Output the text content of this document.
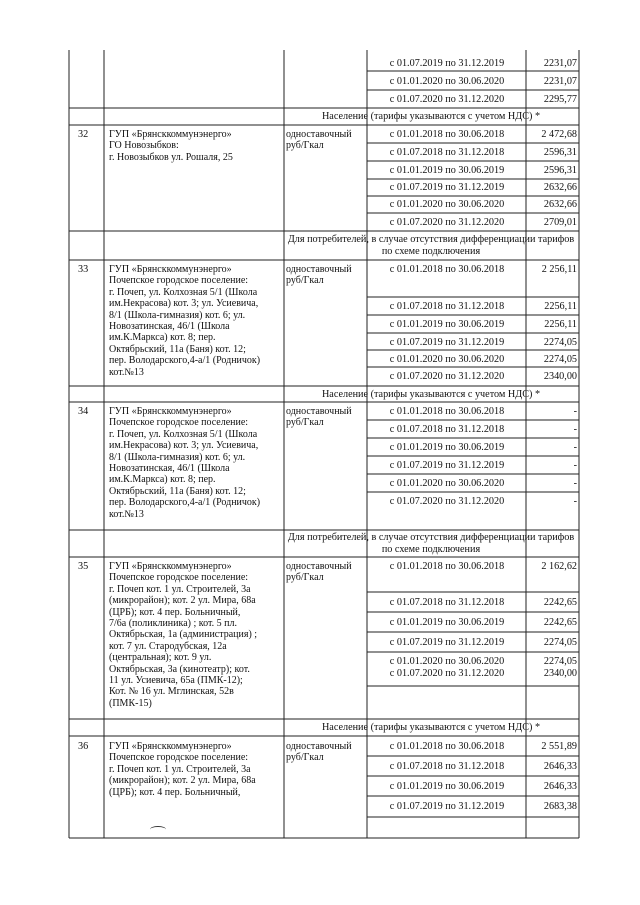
с 01.07.2019 по 31.12.2019	2231,07
с 01.01.2020 по 30.06.2020	2231,07
с 01.07.2020 по 31.12.2020	2295,77
Население (тарифы указываются с учетом НДС) *
32 ГУП «Брянсккоммунэнерго»
ГО Новозыбков:
г. Новозыбков ул. Рошаля, 25
одноставочный
руб/Гкал
с 01.01.2018 по 30.06.2018	2 472,68
с 01.07.2018 по 31.12.2018	2596,31
с 01.01.2019 по 30.06.2019	2596,31
с 01.07.2019 по 31.12.2019	2632,66
с 01.01.2020 по 30.06.2020	2632,66
с 01.07.2020 по 31.12.2020	2709,01
Для потребителей, в случае отсутствия дифференциации тарифов по схеме подключения
33 ГУП «Брянсккоммунэнерго»
Почепское городское поселение:
г. Почеп, ул. Колхозная 5/1 (Школа
им.Некрасова) кот. 3; ул. Усиевича,
8/1 (Школа-гимназия) кот. 6; ул.
Новозатинская, 46/1 (Школа
им.К.Маркса) кот. 8; пер.
Октябрьский, 11а (Баня) кот. 12;
пер. Володарского,4-а/1 (Родничок)
кот.№13
одноставочный
руб/Гкал
с 01.01.2018 по 30.06.2018	2 256,11
с 01.07.2018 по 31.12.2018	2256,11
с 01.01.2019 по 30.06.2019	2256,11
с 01.07.2019 по 31.12.2019	2274,05
с 01.01.2020 по 30.06.2020	2274,05
с 01.07.2020 по 31.12.2020	2340,00
Население (тарифы указываются с учетом НДС) *
34 ГУП «Брянсккоммунэнерго»
Почепское городское поселение:
г. Почеп, ул. Колхозная 5/1 (Школа
им.Некрасова) кот. 3; ул. Усиевича,
8/1 (Школа-гимназия) кот. 6; ул.
Новозатинская, 46/1 (Школа
им.К.Маркса) кот. 8; пер.
Октябрьский, 11а (Баня) кот. 12;
пер. Володарского,4-а/1 (Родничок)
кот.№13
одноставочный
руб/Гкал
с 01.01.2018 по 30.06.2018	-
с 01.07.2018 по 31.12.2018	-
с 01.01.2019 по 30.06.2019	-
с 01.07.2019 по 31.12.2019	-
с 01.01.2020 по 30.06.2020	-
с 01.07.2020 по 31.12.2020	-
Для потребителей, в случае отсутствия дифференциации тарифов по схеме подключения
35 ГУП «Брянсккоммунэнерго»
Почепское городское поселение:
г. Почеп кот. 1 ул. Строителей, 3а
(микрорайон); кот. 2 ул. Мира, 68а
(ЦРБ); кот. 4 пер. Больничный,
7/6а (поликлиника) ; кот. 5 пл.
Октябрьская, 1а (администрация) ;
кот. 7 ул. Стародубская, 12а
(центральная); кот. 9 ул.
Октябрьская, 3а (кинотеатр); кот.
11 ул. Усиевича, 65а (ПМК-12);
Кот. № 16 ул. Мглинская, 52в
(ПМК-15)
одноставочный
руб/Гкал
с 01.01.2018 по 30.06.2018	2 162,62
с 01.07.2018 по 31.12.2018	2242,65
с 01.01.2019 по 30.06.2019	2242,65
с 01.07.2019 по 31.12.2019	2274,05
с 01.01.2020 по 30.06.2020	2274,05
с 01.07.2020 по 31.12.2020	2340,00
Население (тарифы указываются с учетом НДС) *
36 ГУП «Брянсккоммунэнерго»
Почепское городское поселение:
г. Почеп кот. 1 ул. Строителей, 3а
(микрорайон); кот. 2 ул. Мира, 68а
(ЦРБ); кот. 4 пер. Больничный,
одноставочный
руб/Гкал
с 01.01.2018 по 30.06.2018	2 551,89
с 01.07.2018 по 31.12.2018	2646,33
с 01.01.2019 по 30.06.2019	2646,33
с 01.07.2019 по 31.12.2019	2683,38
